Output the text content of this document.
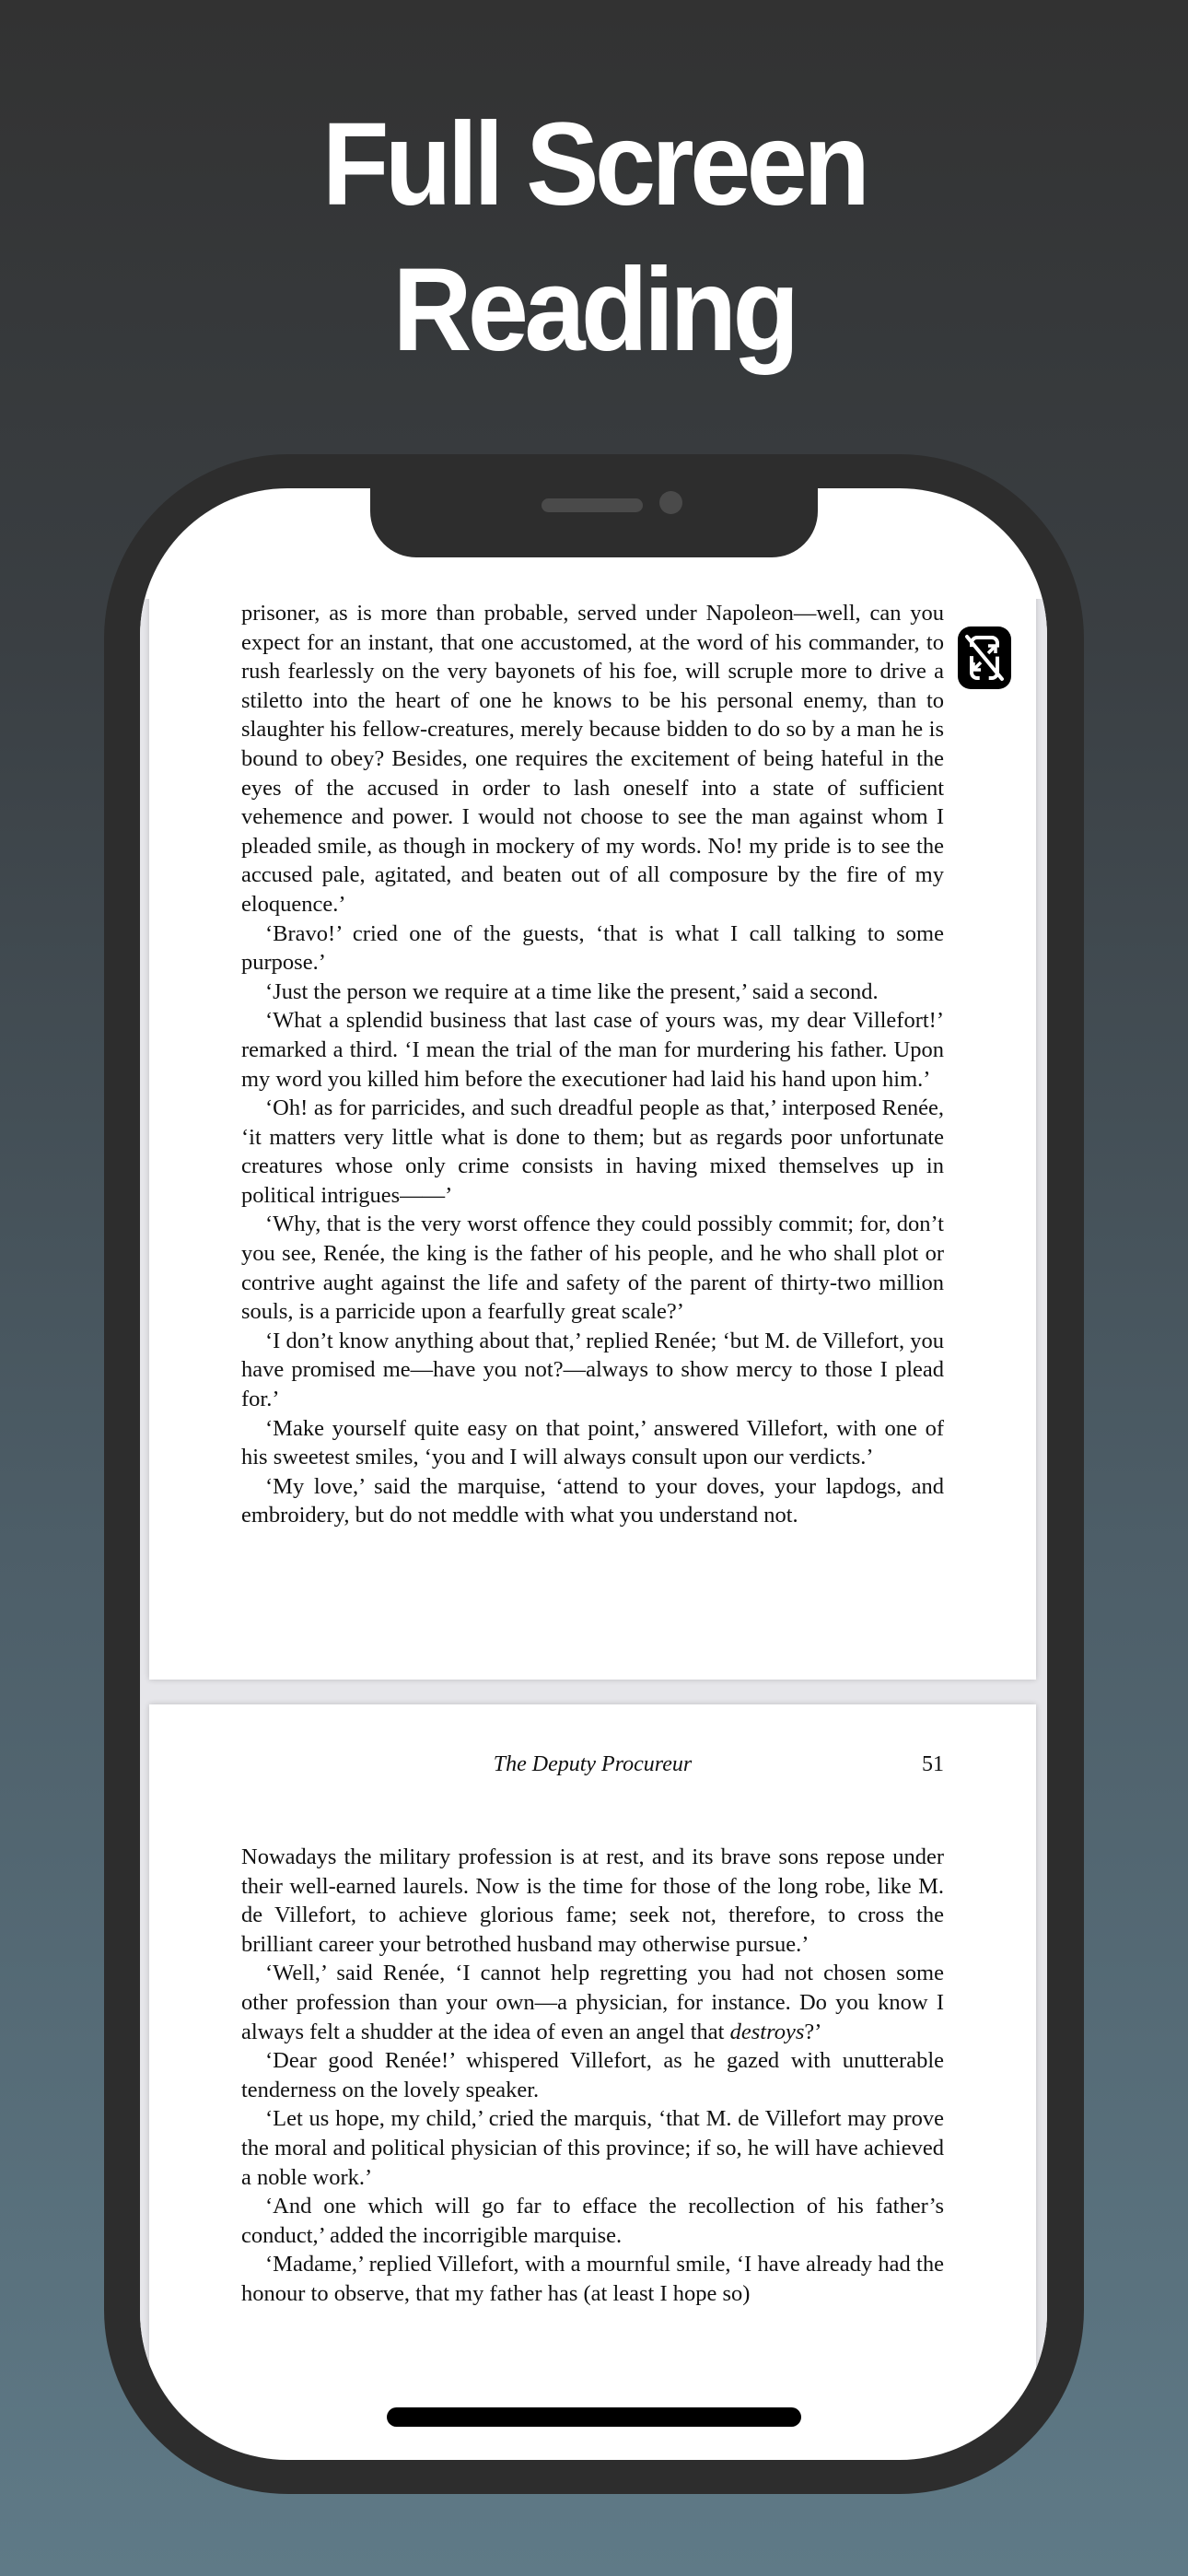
Full Screen
Reading

prisoner, as is more than probable, served under Napoleon—well, can you expect for an instant, that one accustomed, at the word of his commander, to rush fearlessly on the very bayonets of his foe, will scruple more to drive a stiletto into the heart of one he knows to be his personal enemy, than to slaughter his fellow-creatures, merely because bidden to do so by a man he is bound to obey? Besides, one requires the excitement of being hateful in the eyes of the accused in order to lash oneself into a state of sufficient vehemence and power. I would not choose to see the man against whom I pleaded smile, as though in mockery of my words. No! my pride is to see the accused pale, agitated, and beaten out of all composure by the fire of my eloquence.’

‘Bravo!’ cried one of the guests, ‘that is what I call talking to some purpose.’

‘Just the person we require at a time like the present,’ said a second.

‘What a splendid business that last case of yours was, my dear Villefort!’ remarked a third. ‘I mean the trial of the man for murdering his father. Upon my word you killed him before the executioner had laid his hand upon him.’

‘Oh! as for parricides, and such dreadful people as that,’ interposed Renée, ‘it matters very little what is done to them; but as regards poor unfortunate creatures whose only crime consists in having mixed themselves up in political intrigues——’

‘Why, that is the very worst offence they could possibly commit; for, don’t you see, Renée, the king is the father of his people, and he who shall plot or contrive aught against the life and safety of the parent of thirty-two million souls, is a parricide upon a fearfully great scale?’

‘I don’t know anything about that,’ replied Renée; ‘but M. de Villefort, you have promised me—have you not?—always to show mercy to those I plead for.’

‘Make yourself quite easy on that point,’ answered Villefort, with one of his sweetest smiles, ‘you and I will always consult upon our verdicts.’

‘My love,’ said the marquise, ‘attend to your doves, your lapdogs, and embroidery, but do not meddle with what you understand not.

The Deputy Procureur	51

Nowadays the military profession is at rest, and its brave sons repose under their well-earned laurels. Now is the time for those of the long robe, like M. de Villefort, to achieve glorious fame; seek not, therefore, to cross the brilliant career your betrothed husband may otherwise pursue.’

‘Well,’ said Renée, ‘I cannot help regretting you had not chosen some other profession than your own—a physician, for instance. Do you know I always felt a shudder at the idea of even an angel that destroys?’

‘Dear good Renée!’ whispered Villefort, as he gazed with unutterable tenderness on the lovely speaker.

‘Let us hope, my child,’ cried the marquis, ‘that M. de Villefort may prove the moral and political physician of this province; if so, he will have achieved a noble work.’

‘And one which will go far to efface the recollection of his father’s conduct,’ added the incorrigible marquise.

‘Madame,’ replied Villefort, with a mournful smile, ‘I have already had the honour to observe, that my father has (at least I hope so)
